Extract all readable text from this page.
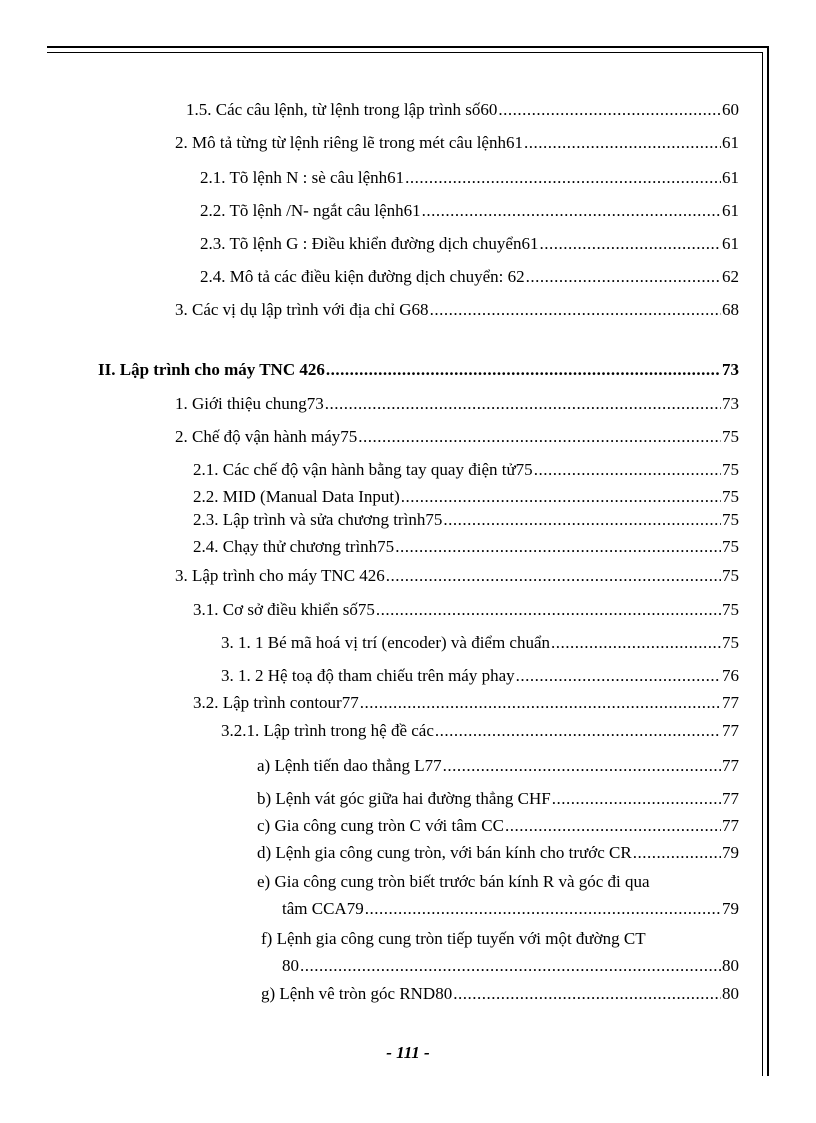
1.5. Các câu lệnh, từ lệnh trong lập trình số60 .....	60
2. Mô tả từng từ lệnh riêng lẽ trong mét câu lệnh61 .....	61
2.1. Tõ lệnh N : sè câu lệnh61 .....	61
2.2. Tõ lệnh /N- ngắt câu lệnh61 .....	61
2.3. Tõ lệnh G : Điều khiển đường dịch chuyển61 .....	61
2.4. Mô tả các điều kiện đường dịch chuyển: 62 .....	62
3. Các vị dụ lập trình với địa chỉ G68 .....	68
II. Lập trình cho máy TNC 426 .....	73
1. Giới thiệu chung73 .....	73
2. Chế độ vận hành máy75 .....	75
2.1. Các chế độ vận hành bằng tay quay điện tử75 .....	75
2.2. MID (Manual Data Input) .....	75
2.3. Lập trình và sửa chương trình75 .....	75
2.4. Chạy thử chương trình75 .....	75
3. Lập trình cho máy TNC 426 .....	75
3.1. Cơ sở điều khiển số75 .....	75
3. 1. 1 Bé mã hoá vị trí (encoder) và điểm chuẩn .....	75
3. 1. 2 Hệ toạ độ tham chiếu trên máy phay .....	76
3.2. Lập trình contour77 .....	77
3.2.1. Lập trình trong hệ đề các .....	77
a) Lệnh tiến dao thẳng L77 .....	77
b) Lệnh vát góc giữa hai đường thẳng CHF .....	77
c) Gia công cung tròn C với tâm CC .....	77
d) Lệnh gia công cung tròn, với bán kính cho trước CR .....	79
e) Gia công cung tròn biết trước bán kính R và góc đi qua
tâm CCA79 .....	79
f) Lệnh gia công cung tròn tiếp tuyến với một đường CT
80 .....	80
g) Lệnh vê tròn góc RND80 .....	80
- 111 -
